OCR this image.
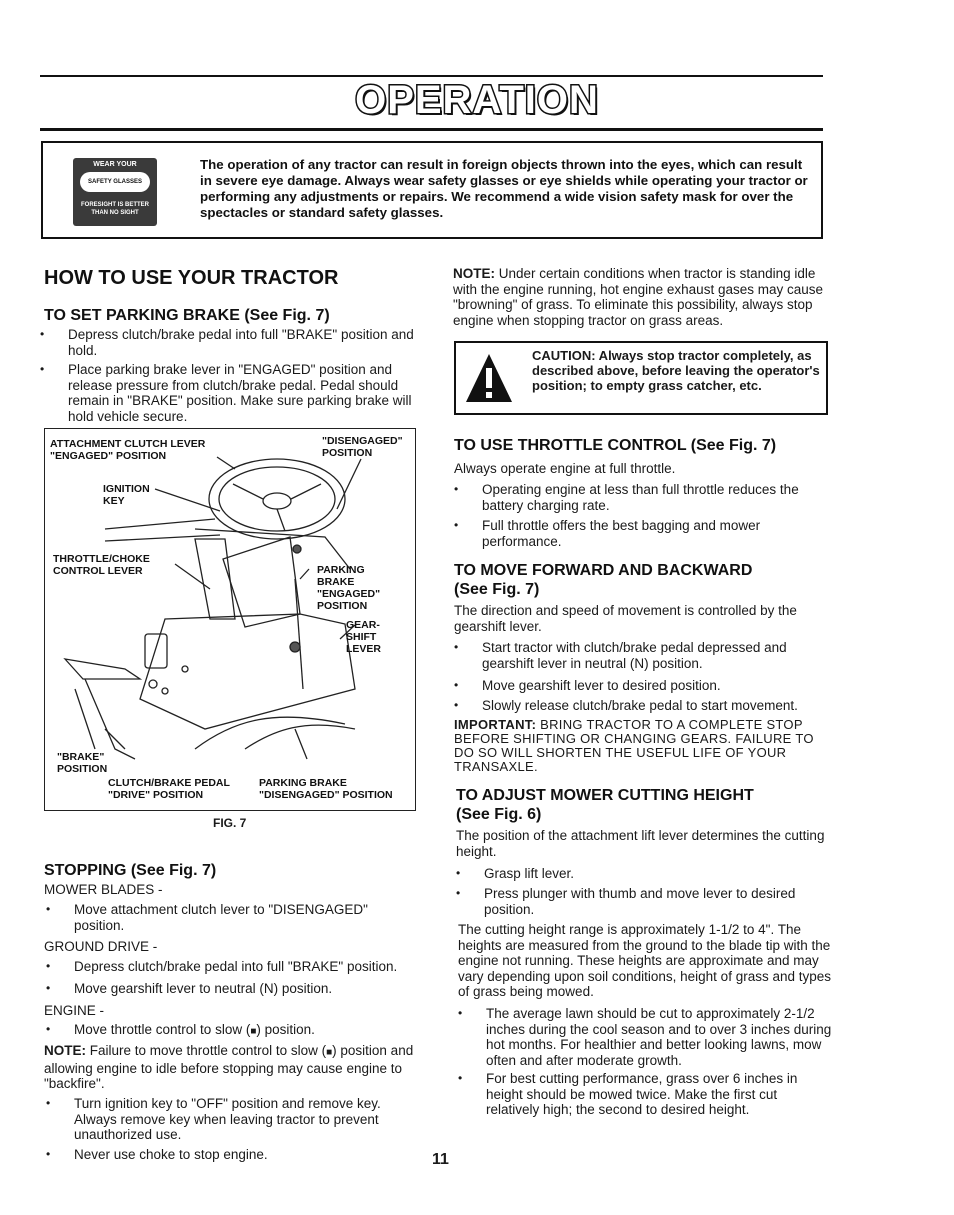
OPERATION
WEAR YOUR
SAFETY GLASSES
FORESIGHT IS BETTER
THAN NO SIGHT
The operation of any tractor can result in foreign objects thrown into the eyes, which can result in severe eye damage. Always wear safety glasses or eye shields while operating your tractor or performing any adjustments or repairs. We recommend a wide vision safety mask for over the spectacles or standard safety glasses.
HOW TO USE YOUR TRACTOR
TO SET PARKING BRAKE (See Fig. 7)
• Depress clutch/brake pedal into full "BRAKE" position and hold.
• Place parking brake lever in "ENGAGED" position and release pressure from clutch/brake pedal. Pedal should remain in "BRAKE" position. Make sure parking brake will hold vehicle secure.
ATTACHMENT CLUTCH LEVER
"ENGAGED" POSITION
"DISENGAGED"
POSITION
IGNITION
KEY
THROTTLE/CHOKE
CONTROL LEVER	PARKING
BRAKE
"ENGAGED"
POSITION
GEAR-
SHIFT
LEVER
"BRAKE"
POSITION
CLUTCH/BRAKE PEDAL
"DRIVE" POSITION
PARKING BRAKE
"DISENGAGED" POSITION
FIG. 7
STOPPING (See Fig. 7)
MOWER BLADES -
• Move attachment clutch lever to "DISENGAGED" position.
GROUND DRIVE -
• Depress clutch/brake pedal into full "BRAKE" position.
• Move gearshift lever to neutral (N) position.
ENGINE -
• Move throttle control to slow (■) position.
NOTE: Failure to move throttle control to slow (■) position and allowing engine to idle before stopping may cause engine to "backfire".
• Turn ignition key to "OFF" position and remove key. Always remove key when leaving tractor to prevent unauthorized use.
• Never use choke to stop engine.
NOTE: Under certain conditions when tractor is standing idle with the engine running, hot engine exhaust gases may cause "browning" of grass. To eliminate this possibility, always stop engine when stopping tractor on grass areas.
CAUTION: Always stop tractor completely, as described above, before leaving the operator's position; to empty grass catcher, etc.
TO USE THROTTLE CONTROL (See Fig. 7)
Always operate engine at full throttle.
• Operating engine at less than full throttle reduces the battery charging rate.
• Full throttle offers the best bagging and mower performance.
TO MOVE FORWARD AND BACKWARD
(See Fig. 7)
The direction and speed of movement is controlled by the gearshift lever.
• Start tractor with clutch/brake pedal depressed and gearshift lever in neutral (N) position.
• Move gearshift lever to desired position.
• Slowly release clutch/brake pedal to start movement.
IMPORTANT: BRING TRACTOR TO A COMPLETE STOP BEFORE SHIFTING OR CHANGING GEARS. FAILURE TO DO SO WILL SHORTEN THE USEFUL LIFE OF YOUR TRANSAXLE.
TO ADJUST MOWER CUTTING HEIGHT
(See Fig. 6)
The position of the attachment lift lever determines the cutting height.
• Grasp lift lever.
• Press plunger with thumb and move lever to desired position.
The cutting height range is approximately 1-1/2 to 4". The heights are measured from the ground to the blade tip with the engine not running. These heights are approximate and may vary depending upon soil conditions, height of grass and types of grass being mowed.
• The average lawn should be cut to approximately 2-1/2 inches during the cool season and to over 3 inches during hot months. For healthier and better looking lawns, mow often and after moderate growth.
• For best cutting performance, grass over 6 inches in height should be mowed twice. Make the first cut relatively high; the second to desired height.
11
